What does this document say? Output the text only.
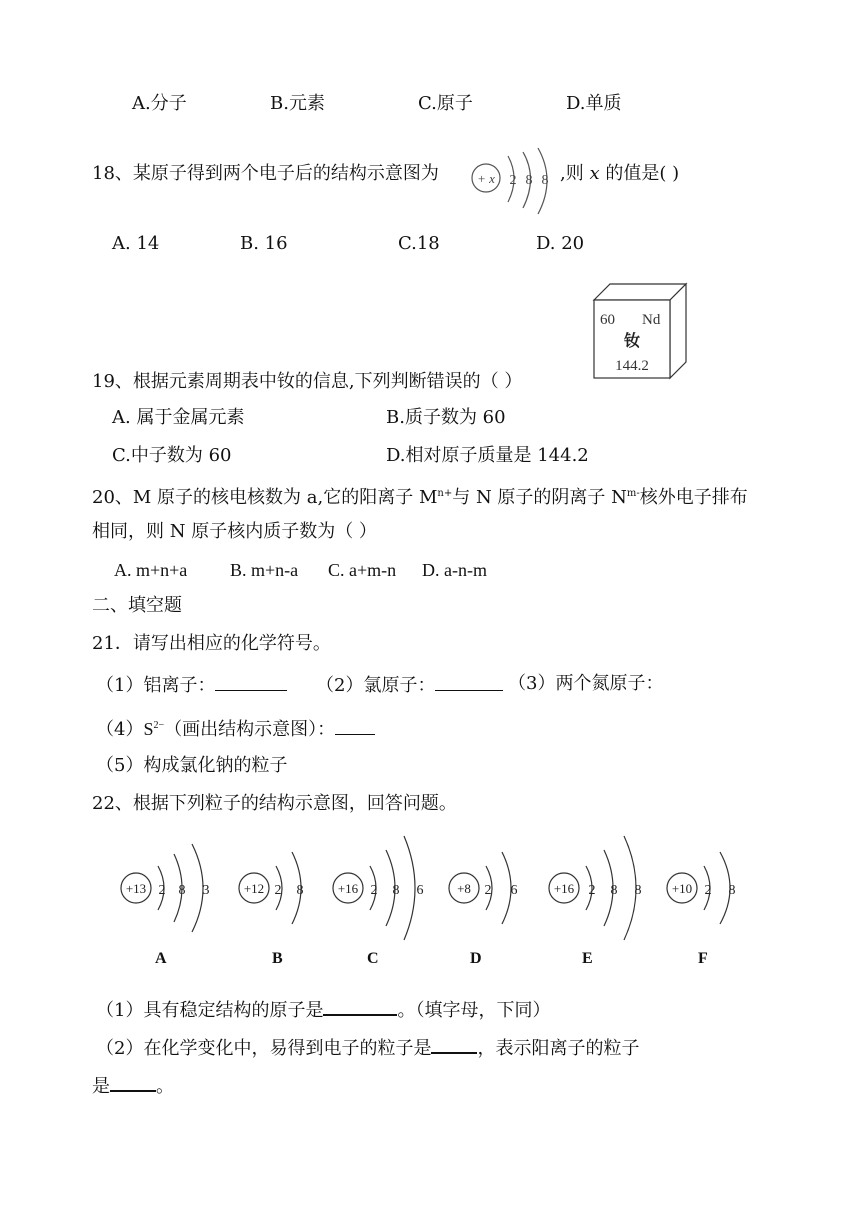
A.分子	B.元素	C.原子	D.单质
18、某原子得到两个电子后的结构示意图为	+ x 2 8 8 ,则 x 的值是( )
A. 14	B. 16	C.18	D. 20
60 Nd
钕
144.2
19、根据元素周期表中钕的信息,下列判断错误的（ ）
A. 属于金属元素	B.质子数为 60
C.中子数为 60	D.相对原子质量是 144.2
20、M 原子的核电核数为 a,它的阳离子 $M^{n+}$与 N 原子的阴离子 $N^{m-}$核外电子排布
相同，则 N 原子核内质子数为（ ）
A. m+n+a B. m+n-a C. a+m-n D. a-n-m
二、填空题
21．请写出相应的化学符号。
（1）铝离子：	（2）氯原子：	（3）两个氮原子：
$(4)S^{2-}$（画出结构示意图）：
（5）构成氯化钠的粒子
22、根据下列粒子的结构示意图，回答问题。
+13 2 8 3	+12 2 8	+16 2 8 6	+8 2 6	+16 2 8 8 +10 2 8
A	B	C	D	E	F
（1）具有稳定结构的原子是	。（填字母，下同）
（2）在化学变化中，易得到电子的粒子是	，表示阳离子的粒子
是	。
